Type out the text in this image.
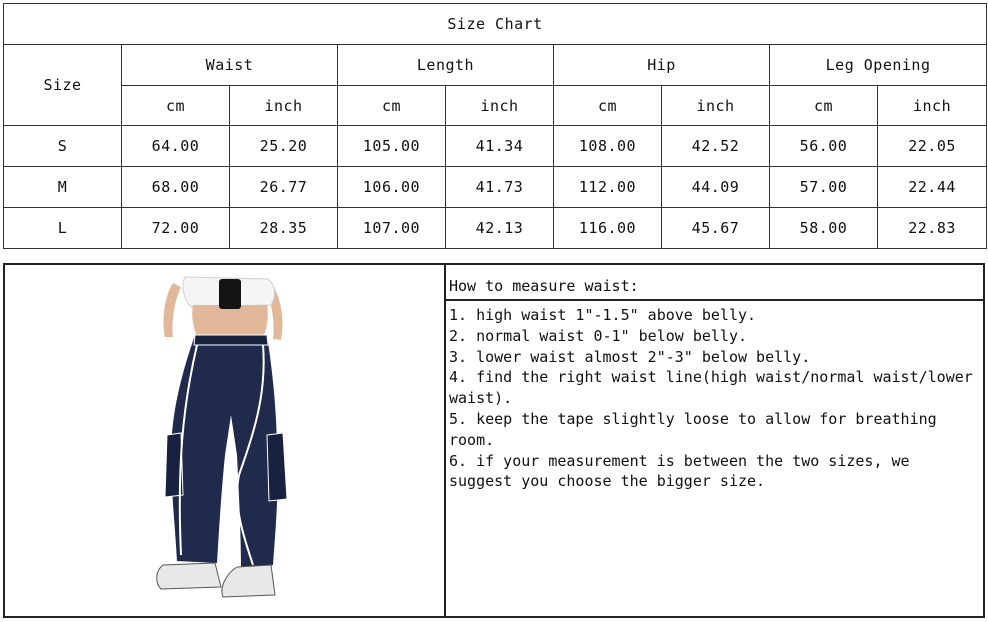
Size Chart								
Size	Waist		Length		Hip		Leg Opening	
	cm	inch	cm	inch	cm	inch	cm	inch
S	64.00	25.20	105.00	41.34	108.00	42.52	56.00	22.05
M	68.00	26.77	106.00	41.73	112.00	44.09	57.00	22.44
L	72.00	28.35	107.00	42.13	116.00	45.67	58.00	22.83
How to measure waist:
1. high waist 1"-1.5" above belly.
2. normal waist 0-1" below belly.
3. lower waist almost 2"-3" below belly.
4. find the right waist line(high waist/normal waist/lower waist).
5. keep the tape slightly loose to allow for breathing room.
6. if your measurement is between the two sizes, we suggest you choose the bigger size.
